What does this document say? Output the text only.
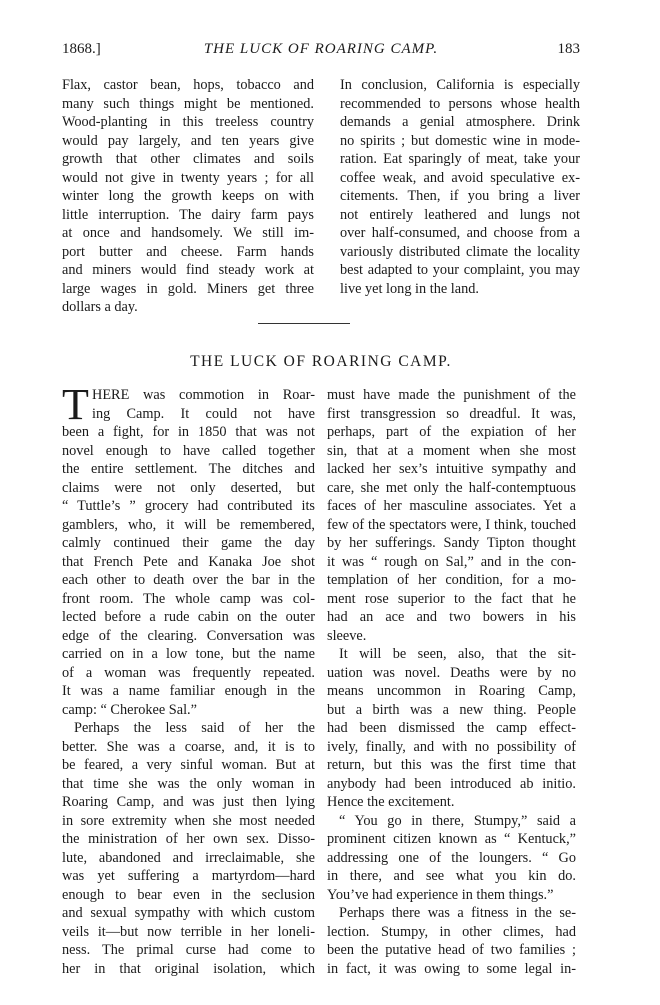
1868.]	THE LUCK OF ROARING CAMP.	183
Flax, castor bean, hops, tobacco and
many such things might be mentioned.
Wood-planting in this treeless country
would pay largely, and ten years give
growth that other climates and soils
would not give in twenty years ; for all
winter long the growth keeps on with
little interruption. The dairy farm pays
at once and handsomely. We still im-
port butter and cheese. Farm hands
and miners would find steady work at
large wages in gold. Miners get three
dollars a day.
In conclusion, California is especially
recommended to persons whose health
demands a genial atmosphere. Drink
no spirits ; but domestic wine in mode-
ration. Eat sparingly of meat, take your
coffee weak, and avoid speculative ex-
citements. Then, if you bring a liver
not entirely leathered and lungs not
over half-consumed, and choose from a
variously distributed climate the locality
best adapted to your complaint, you may
live yet long in the land.
THE LUCK OF ROARING CAMP.
T HERE was commotion in Roar-
ing Camp. It could not have
been a fight, for in 1850 that was not
novel enough to have called together
the entire settlement. The ditches and
claims were not only deserted, but
“ Tuttle’s ” grocery had contributed its
gamblers, who, it will be remembered,
calmly continued their game the day
that French Pete and Kanaka Joe shot
each other to death over the bar in the
front room. The whole camp was col-
lected before a rude cabin on the outer
edge of the clearing. Conversation was
carried on in a low tone, but the name
of a woman was frequently repeated.
It was a name familiar enough in the
camp: “ Cherokee Sal.”
Perhaps the less said of her the
better. She was a coarse, and, it is to
be feared, a very sinful woman. But at
that time she was the only woman in
Roaring Camp, and was just then lying
in sore extremity when she most needed
the ministration of her own sex. Disso-
lute, abandoned and irreclaimable, she
was yet suffering a martyrdom—hard
enough to bear even in the seclusion
and sexual sympathy with which custom
veils it—but now terrible in her loneli-
ness. The primal curse had come to
her in that original isolation, which
must have made the punishment of the
first transgression so dreadful. It was,
perhaps, part of the expiation of her
sin, that at a moment when she most
lacked her sex’s intuitive sympathy and
care, she met only the half-contemptuous
faces of her masculine associates. Yet a
few of the spectators were, I think, touched
by her sufferings. Sandy Tipton thought
it was “ rough on Sal,” and in the con-
templation of her condition, for a mo-
ment rose superior to the fact that he
had an ace and two bowers in his
sleeve.
It will be seen, also, that the sit-
uation was novel. Deaths were by no
means uncommon in Roaring Camp,
but a birth was a new thing. People
had been dismissed the camp effect-
ively, finally, and with no possibility of
return, but this was the first time that
anybody had been introduced ab initio.
Hence the excitement.
“ You go in there, Stumpy,” said a
prominent citizen known as “ Kentuck,”
addressing one of the loungers. “ Go
in there, and see what you kin do.
You’ve had experience in them things.”
Perhaps there was a fitness in the se-
lection. Stumpy, in other climes, had
been the putative head of two families ;
in fact, it was owing to some legal in-
